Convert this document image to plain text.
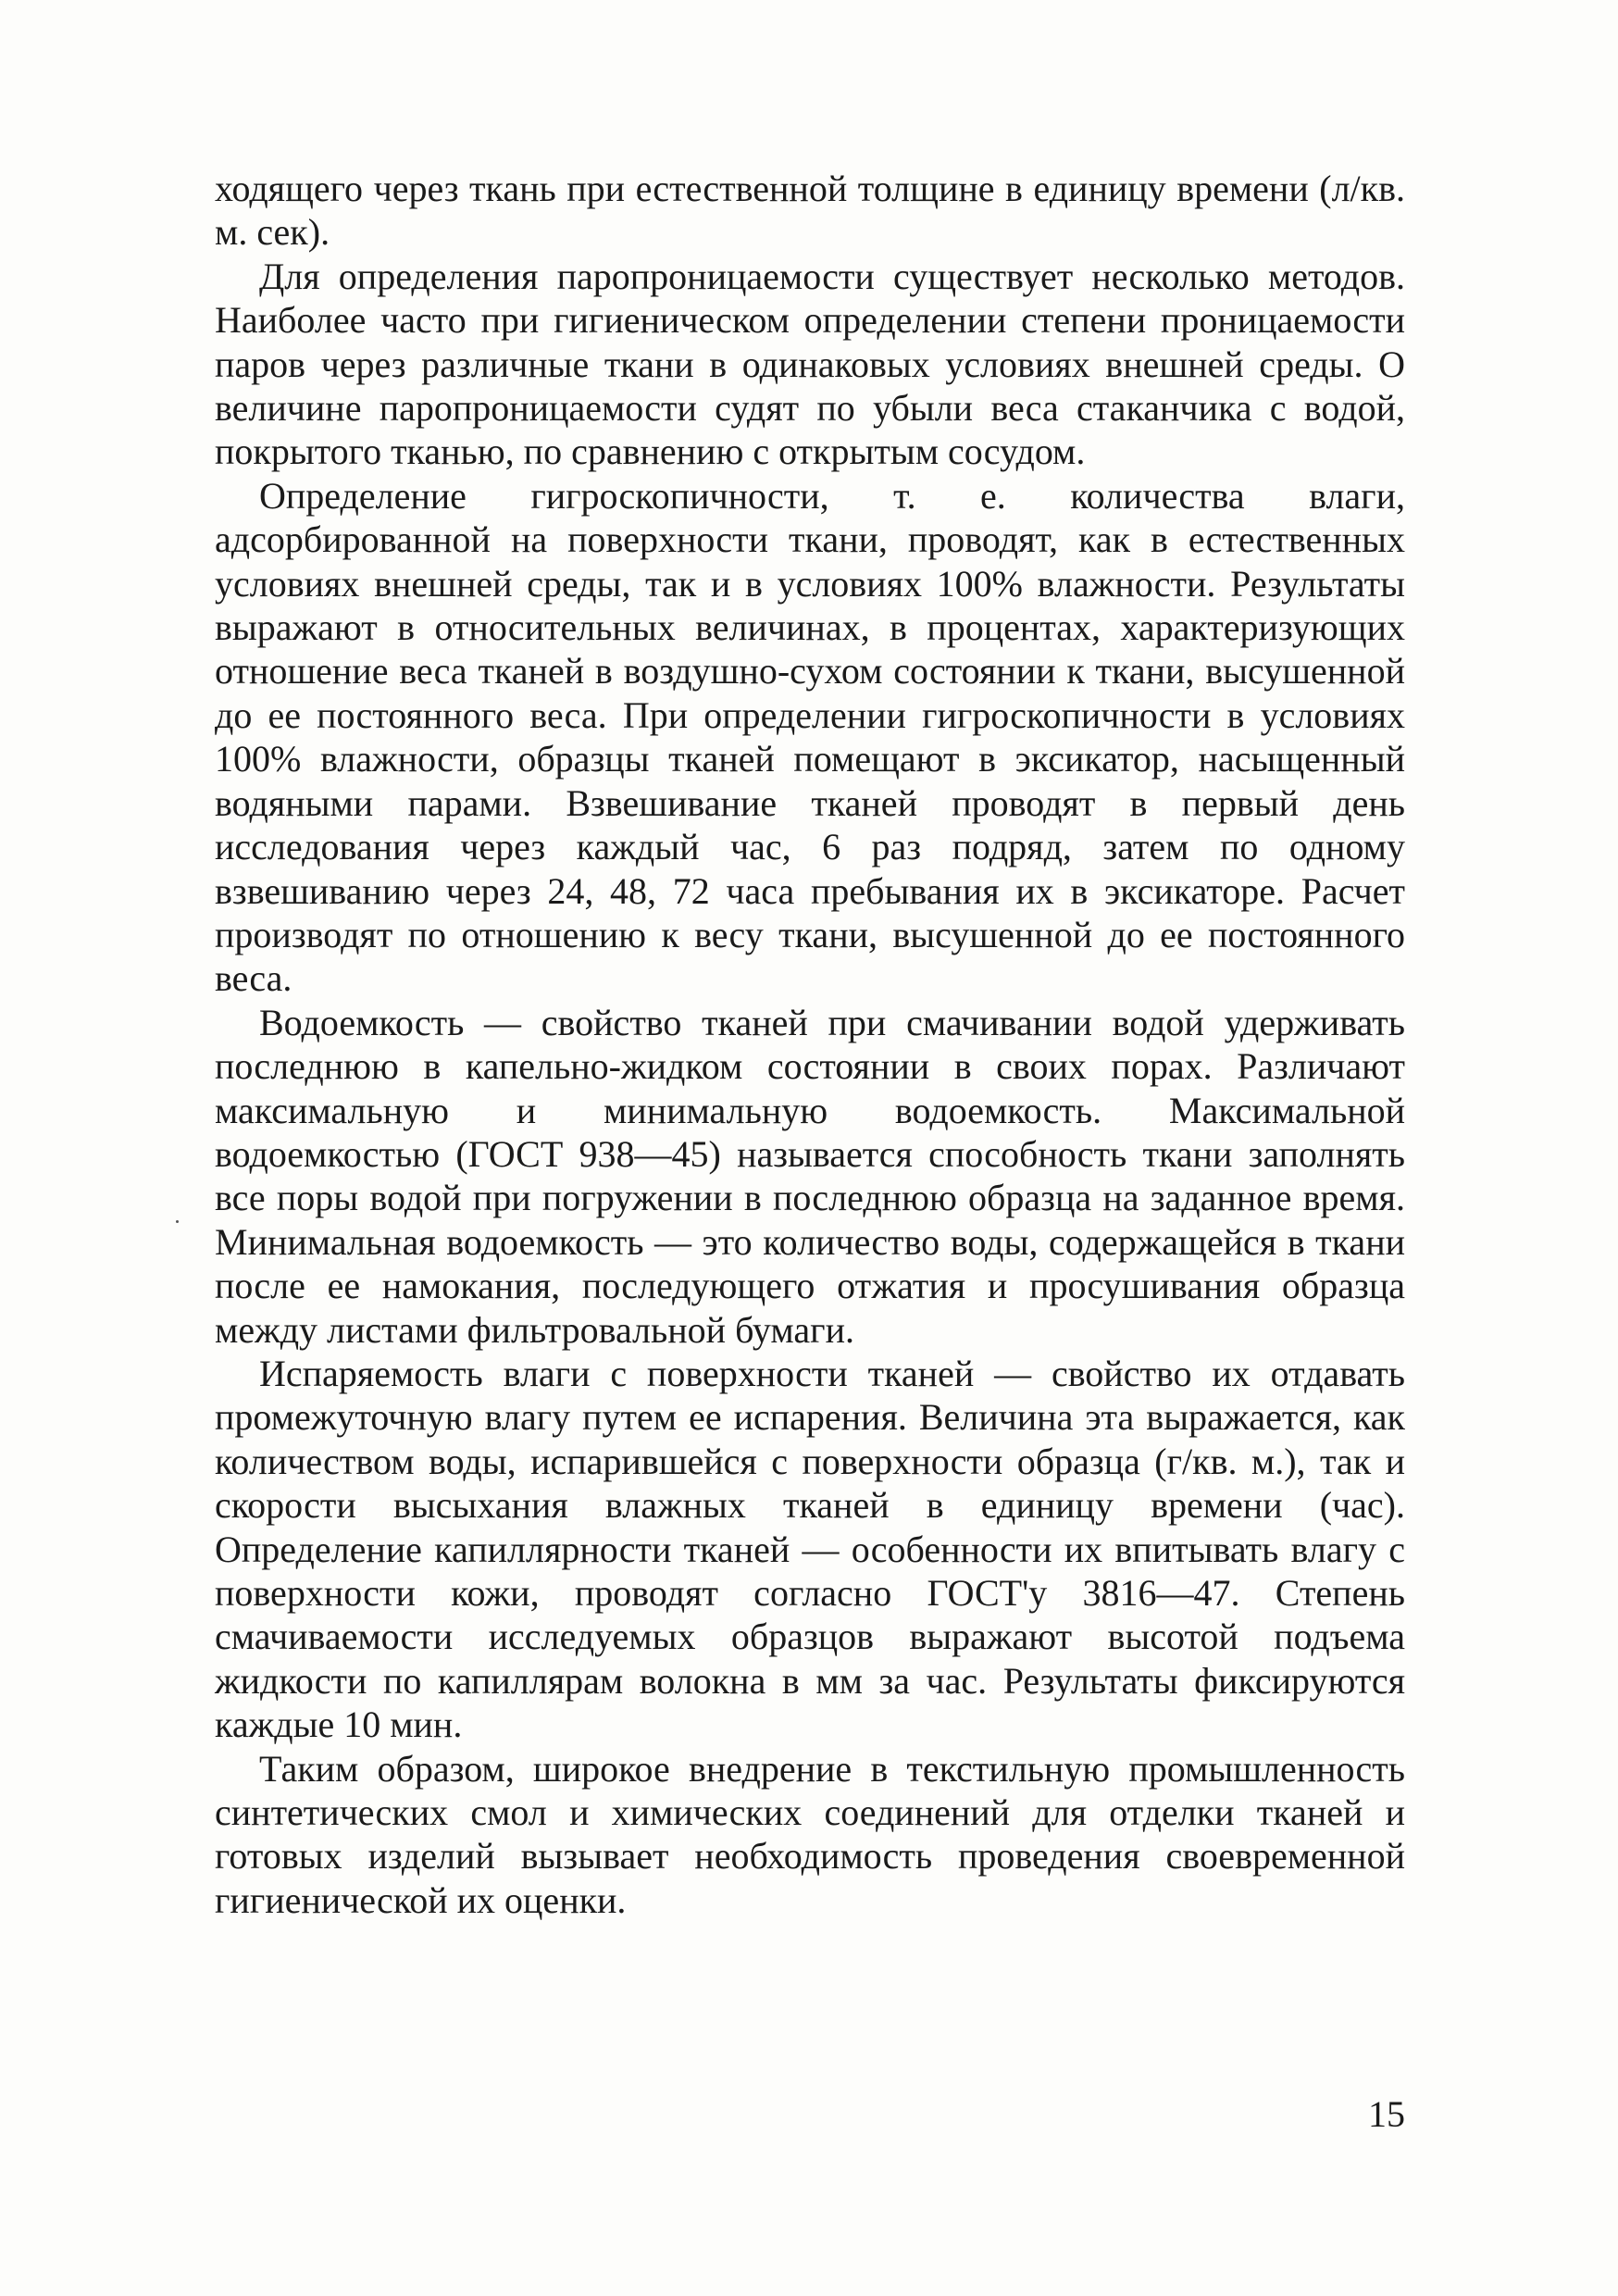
ходящего через ткань при естественной толщине в единицу времени (л/кв. м. сек).

Для определения паропроницаемости существует несколько методов. Наиболее часто при гигиеническом определении степени проницаемости паров через различные ткани в одинаковых условиях внешней среды. О величине паропроницаемости судят по убыли веса стаканчика с водой, покрытого тканью, по сравнению с открытым сосудом.

Определение гигроскопичности, т. е. количества влаги, адсорбированной на поверхности ткани, проводят, как в естественных условиях внешней среды, так и в условиях 100% влажности. Результаты выражают в относительных величинах, в процентах, характеризующих отношение веса тканей в воздушно-сухом состоянии к ткани, высушенной до ее постоянного веса. При определении гигроскопичности в условиях 100% влажности, образцы тканей помещают в эксикатор, насыщенный водяными парами. Взвешивание тканей проводят в первый день исследования через каждый час, 6 раз подряд, затем по одному взвешиванию через 24, 48, 72 часа пребывания их в эксикаторе. Расчет производят по отношению к весу ткани, высушенной до ее постоянного веса.

Водоемкость — свойство тканей при смачивании водой удерживать последнюю в капельно-жидком состоянии в своих порах. Различают максимальную и минимальную водоемкость. Максимальной водоемкостью (ГОСТ 938—45) называется способность ткани заполнять все поры водой при погружении в последнюю образца на заданное время. Минимальная водоемкость — это количество воды, содержащейся в ткани после ее намокания, последующего отжатия и просушивания образца между листами фильтровальной бумаги.

Испаряемость влаги с поверхности тканей — свойство их отдавать промежуточную влагу путем ее испарения. Величина эта выражается, как количеством воды, испарившейся с поверхности образца (г/кв. м.), так и скорости высыхания влажных тканей в единицу времени (час). Определение капиллярности тканей — особенности их впитывать влагу с поверхности кожи, проводят согласно ГОСТ'у 3816—47. Степень смачиваемости исследуемых образцов выражают высотой подъема жидкости по капиллярам волокна в мм за час. Результаты фиксируются каждые 10 мин.

Таким образом, широкое внедрение в текстильную промышленность синтетических смол и химических соединений для отделки тканей и готовых изделий вызывает необходимость проведения своевременной гигиенической их оценки.

15
